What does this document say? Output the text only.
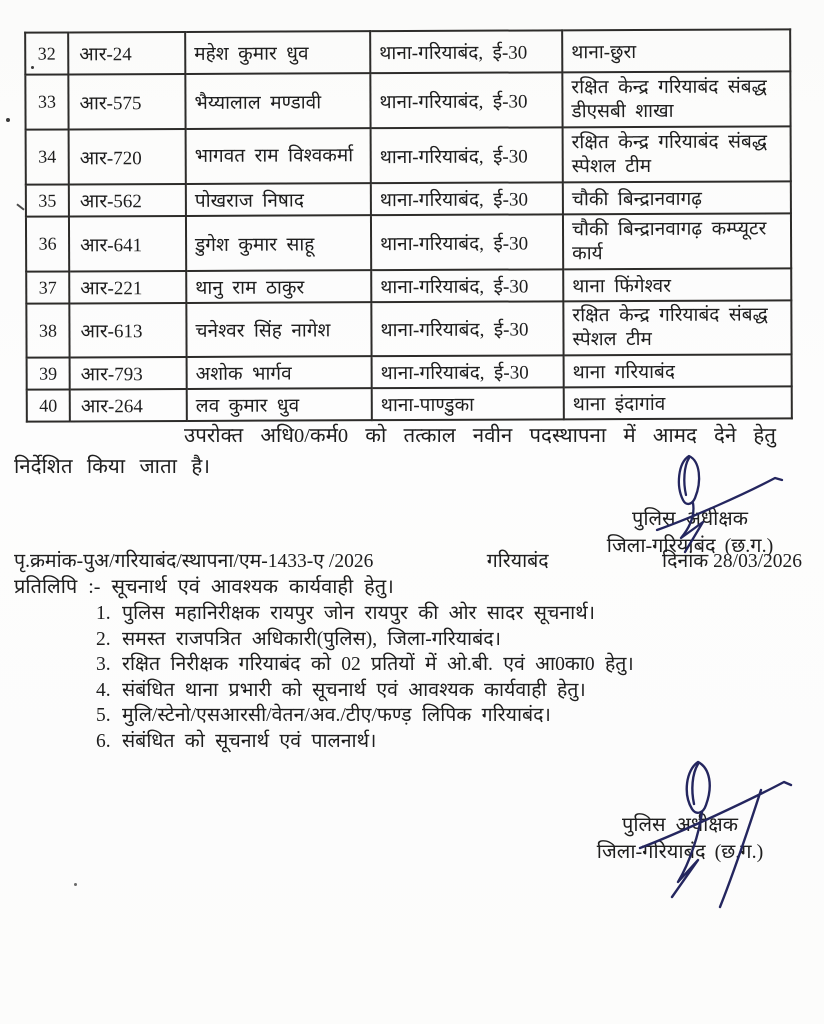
32	आर-24	महेश कुमार धुव	थाना-गरियाबंद, ई-30	थाना-छुरा
33	आर-575	भैय्यालाल मण्डावी	थाना-गरियाबंद, ई-30	रक्षित केन्द्र गरियाबंद संबद्ध डीएसबी शाखा
34	आर-720	भागवत राम विश्वकर्मा	थाना-गरियाबंद, ई-30	रक्षित केन्द्र गरियाबंद संबद्ध स्पेशल टीम
35	आर-562	पोखराज निषाद	थाना-गरियाबंद, ई-30	चौकी बिन्द्रानवागढ़
36	आर-641	डुगेश कुमार साहू	थाना-गरियाबंद, ई-30	चौकी बिन्द्रानवागढ़ कम्प्यूटर कार्य
37	आर-221	थानु राम ठाकुर	थाना-गरियाबंद, ई-30	थाना फिंगेश्वर
38	आर-613	चनेश्वर सिंह नागेश	थाना-गरियाबंद, ई-30	रक्षित केन्द्र गरियाबंद संबद्ध स्पेशल टीम
39	आर-793	अशोक भार्गव	थाना-गरियाबंद, ई-30	थाना गरियाबंद
40	आर-264	लव कुमार धुव	थाना-पाण्डुका	थाना इंदागांव

उपरोक्त अधि0/कर्म0 को तत्काल नवीन पदस्थापना में आमद देने हेतु निर्देशित किया जाता है।

पुलिस अधीक्षक
जिला-गरियाबंद (छ.ग.)
पृ.क्रमांक-पुअ/गरियाबंद/स्थापना/एम-1433-ए /2026	गरियाबंद	दिनांक 28/03/2026
प्रतिलिपि :- सूचनार्थ एवं आवश्यक कार्यवाही हेतु।
1. पुलिस महानिरीक्षक रायपुर जोन रायपुर की ओर सादर सूचनार्थ।
2. समस्त राजपत्रित अधिकारी(पुलिस), जिला-गरियाबंद।
3. रक्षित निरीक्षक गरियाबंद को 02 प्रतियों में ओ.बी. एवं आ0का0 हेतु।
4. संबंधित थाना प्रभारी को सूचनार्थ एवं आवश्यक कार्यवाही हेतु।
5. मुलि/स्टेनो/एसआरसी/वेतन/अव./टीए/फण्ड़ लिपिक गरियाबंद।
6. संबंधित को सूचनार्थ एवं पालनार्थ।
पुलिस अधीक्षक
जिला-गरियाबंद (छ.ग.)
